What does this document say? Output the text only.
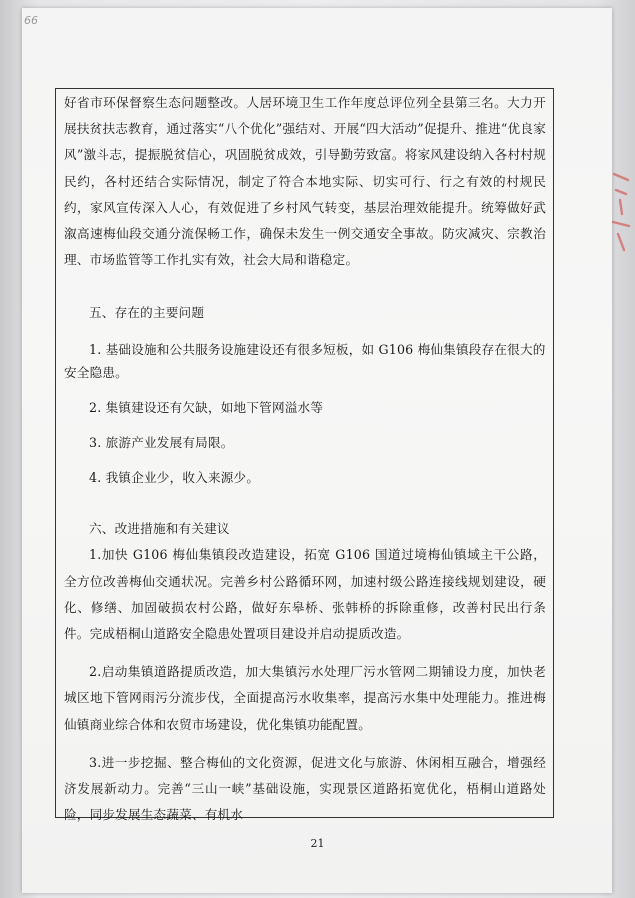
66

好省市环保督察生态问题整改。人居环境卫生工作年度总评位列全县第三名。大力开展扶贫扶志教育，通过落实“八个优化”强结对、开展“四大活动”促提升、推进“优良家风”激斗志，提振脱贫信心，巩固脱贫成效，引导勤劳致富。将家风建设纳入各村村规民约，各村还结合实际情况，制定了符合本地实际、切实可行、行之有效的村规民约，家风宣传深入人心，有效促进了乡村风气转变，基层治理效能提升。统筹做好武溆高速梅仙段交通分流保畅工作，确保未发生一例交通安全事故。防灾减灾、宗教治理、市场监管等工作扎实有效，社会大局和谐稳定。

五、存在的主要问题

1. 基础设施和公共服务设施建设还有很多短板，如 G106 梅仙集镇段存在很大的安全隐患。

2. 集镇建设还有欠缺，如地下管网溢水等

3. 旅游产业发展有局限。

4. 我镇企业少，收入来源少。

六、改进措施和有关建议

1.加快 G106 梅仙集镇段改造建设，拓宽 G106 国道过境梅仙镇域主干公路，全方位改善梅仙交通状况。完善乡村公路循环网，加速村级公路连接线规划建设，硬化、修缮、加固破损农村公路，做好东皋桥、张韩桥的拆除重修，改善村民出行条件。完成梧桐山道路安全隐患处置项目建设并启动提质改造。

2.启动集镇道路提质改造，加大集镇污水处理厂污水管网二期铺设力度，加快老城区地下管网雨污分流步伐，全面提高污水收集率，提高污水集中处理能力。推进梅仙镇商业综合体和农贸市场建设，优化集镇功能配置。

3.进一步挖掘、整合梅仙的文化资源，促进文化与旅游、休闲相互融合，增强经济发展新动力。完善“三山一峡”基础设施，实现景区道路拓宽优化，梧桐山道路处险，同步发展生态蔬菜、有机水

21
